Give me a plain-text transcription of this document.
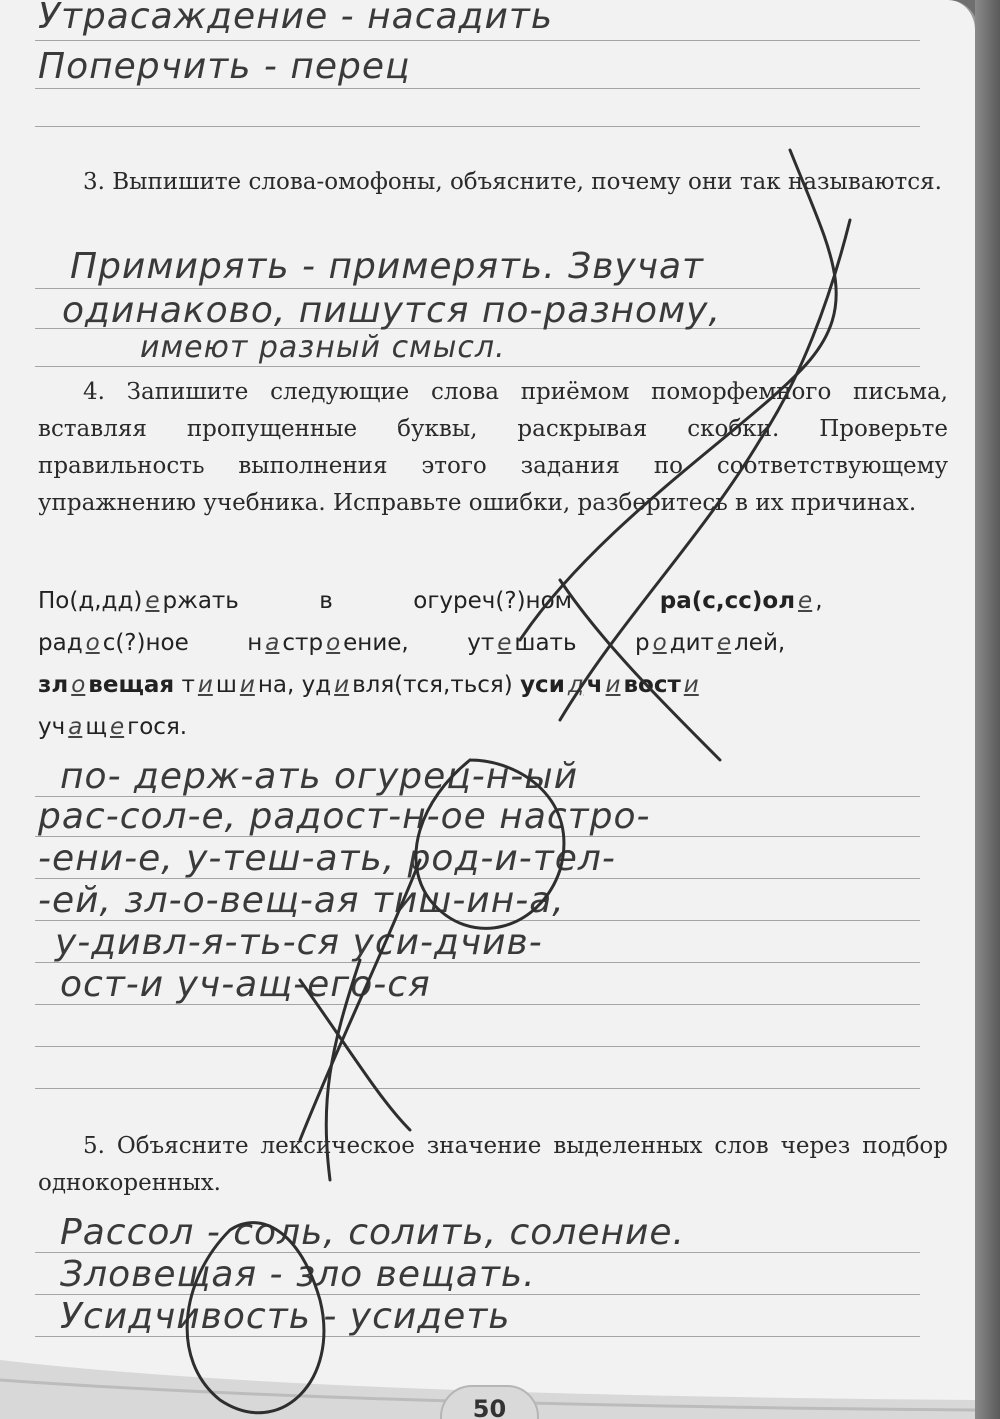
Утрасаждение - насадить
Поперчить - перец
3. Выпишите слова-омофоны, объясните, почему они так называются.
Примирять - примерять. Звучат
одинаково, пишутся по-разному,
имеют разный смысл.
4. Запишите следующие слова приёмом поморфемного письма, вставляя пропущенные буквы, раскрывая скобки. Проверьте правильность выполнения этого задания по соответствующему упражнению учебника. Исправьте ошибки, разберитесь в их причинах.
По(д,дд) е ржать	в	огуреч(?)ном	ра(с,сс)ол е ,
рад о с(?)ное	н а стр о ение,	ут е шать	р о дит е лей,
зл о вещая т и ш и на, уд и вля(тся,ться) уси д ч и вост и
уч а щ е гося.
по- держ-ать огурец-н-ый
рас-сол-е, радост-н-ое настро-
-ени-е, у-теш-ать, род-и-тел-
-ей, зл-о-вещ-ая тиш-ин-а,
у-дивл-я-ть-ся уси-дчив-
ост-и уч-ащ-его-ся
5. Объясните лексическое значение выделенных слов через подбор однокоренных.
Рассол - соль, солить, соление.
Зловещая - зло вещать.
Усидчивость - усидеть
50
